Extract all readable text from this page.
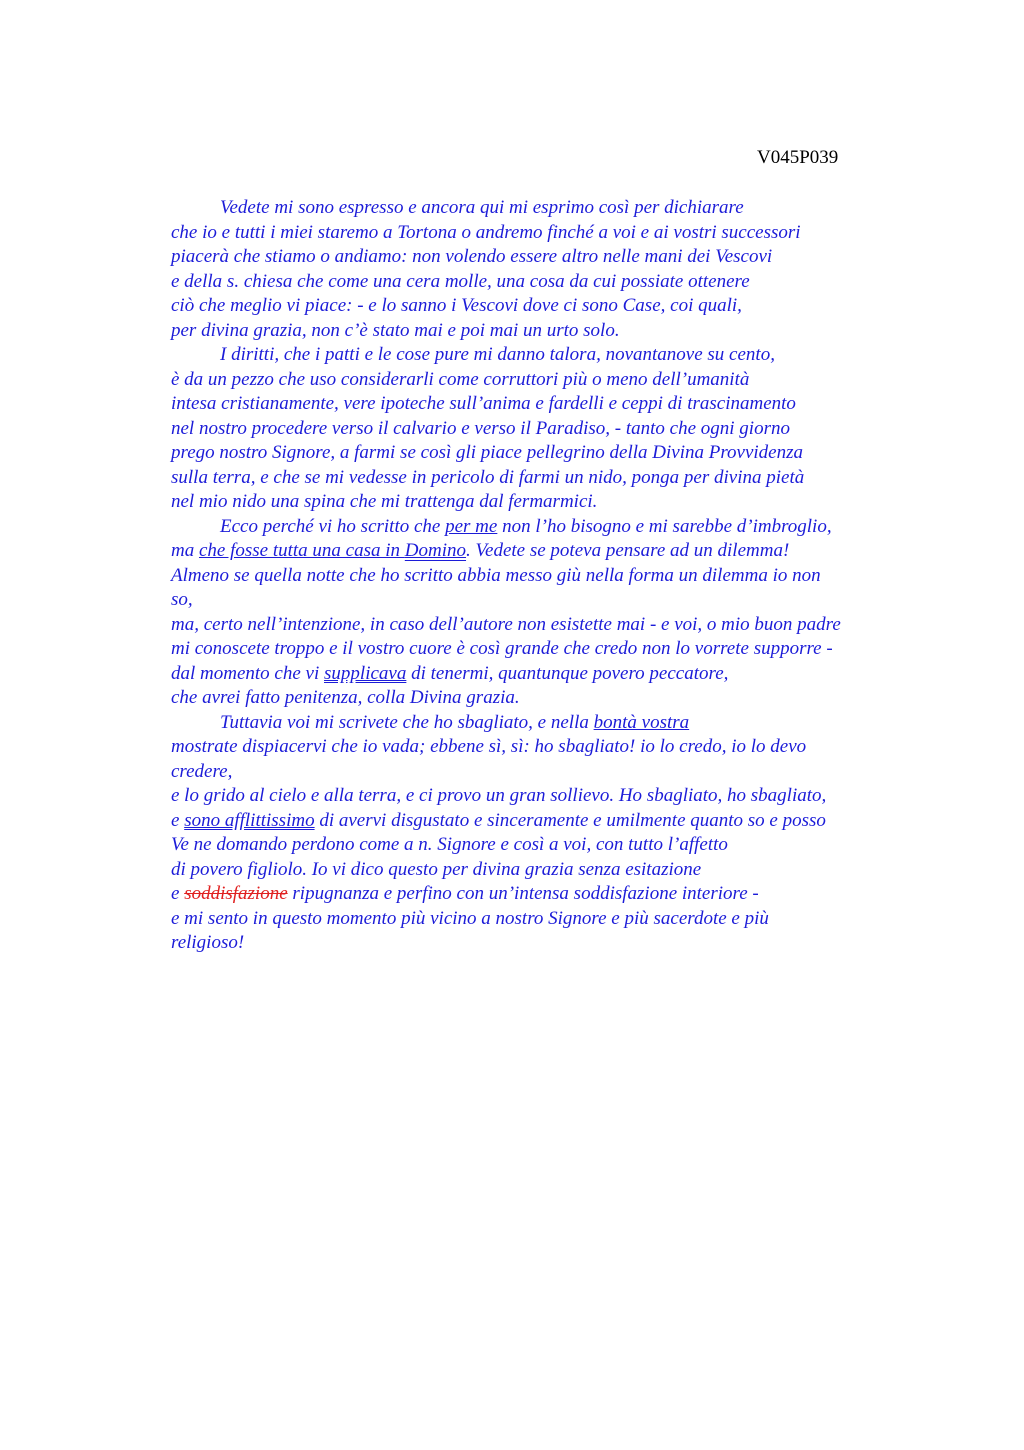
V045P039
Vedete mi sono espresso e ancora qui mi esprimo così per dichiarare
che io e tutti i miei staremo a Tortona o andremo finché a voi e ai vostri successori
piacerà che stiamo o andiamo: non volendo essere altro nelle mani dei Vescovi
e della s. chiesa che come una cera molle, una cosa da cui possiate ottenere
ciò che meglio vi piace: - e lo sanno i Vescovi dove ci sono Case, coi quali,
per divina grazia, non c’è stato mai e poi mai un urto solo.
I diritti, che i patti e le cose pure mi danno talora, novantanove su cento,
è da un pezzo che uso considerarli come corruttori più o meno dell’umanità
intesa cristianamente, vere ipoteche sull’anima e fardelli e ceppi di trascinamento
nel nostro procedere verso il calvario e verso il Paradiso, - tanto che ogni giorno
prego nostro Signore, a farmi se così gli piace pellegrino della Divina Provvidenza
sulla terra, e che se mi vedesse in pericolo di farmi un nido, ponga per divina pietà
nel mio nido una spina che mi trattenga dal fermarmici.
Ecco perché vi ho scritto che per me non l’ho bisogno e mi sarebbe d’imbroglio,
ma che fosse tutta una casa in Domino. Vedete se poteva pensare ad un dilemma!
Almeno se quella notte che ho scritto abbia messo giù nella forma un dilemma io non
so,
ma, certo nell’intenzione, in caso dell’autore non esistette mai - e voi, o mio buon padre
mi conoscete troppo e il vostro cuore è così grande che credo non lo vorrete supporre -
dal momento che vi supplicava di tenermi, quantunque povero peccatore,
che avrei fatto penitenza, colla Divina grazia.
Tuttavia voi mi scrivete che ho sbagliato, e nella bontà vostra
mostrate dispiacervi che io vada; ebbene sì, sì: ho sbagliato! io lo credo, io lo devo
credere,
e lo grido al cielo e alla terra, e ci provo un gran sollievo. Ho sbagliato, ho sbagliato,
e sono afflittissimo di avervi disgustato e sinceramente e umilmente quanto so e posso
Ve ne domando perdono come a n. Signore e così a voi, con tutto l’affetto
di povero figliolo. Io vi dico questo per divina grazia senza esitazione
e soddisfazione ripugnanza e perfino con un’intensa soddisfazione interiore -
e mi sento in questo momento più vicino a nostro Signore e più sacerdote e più
religioso!
